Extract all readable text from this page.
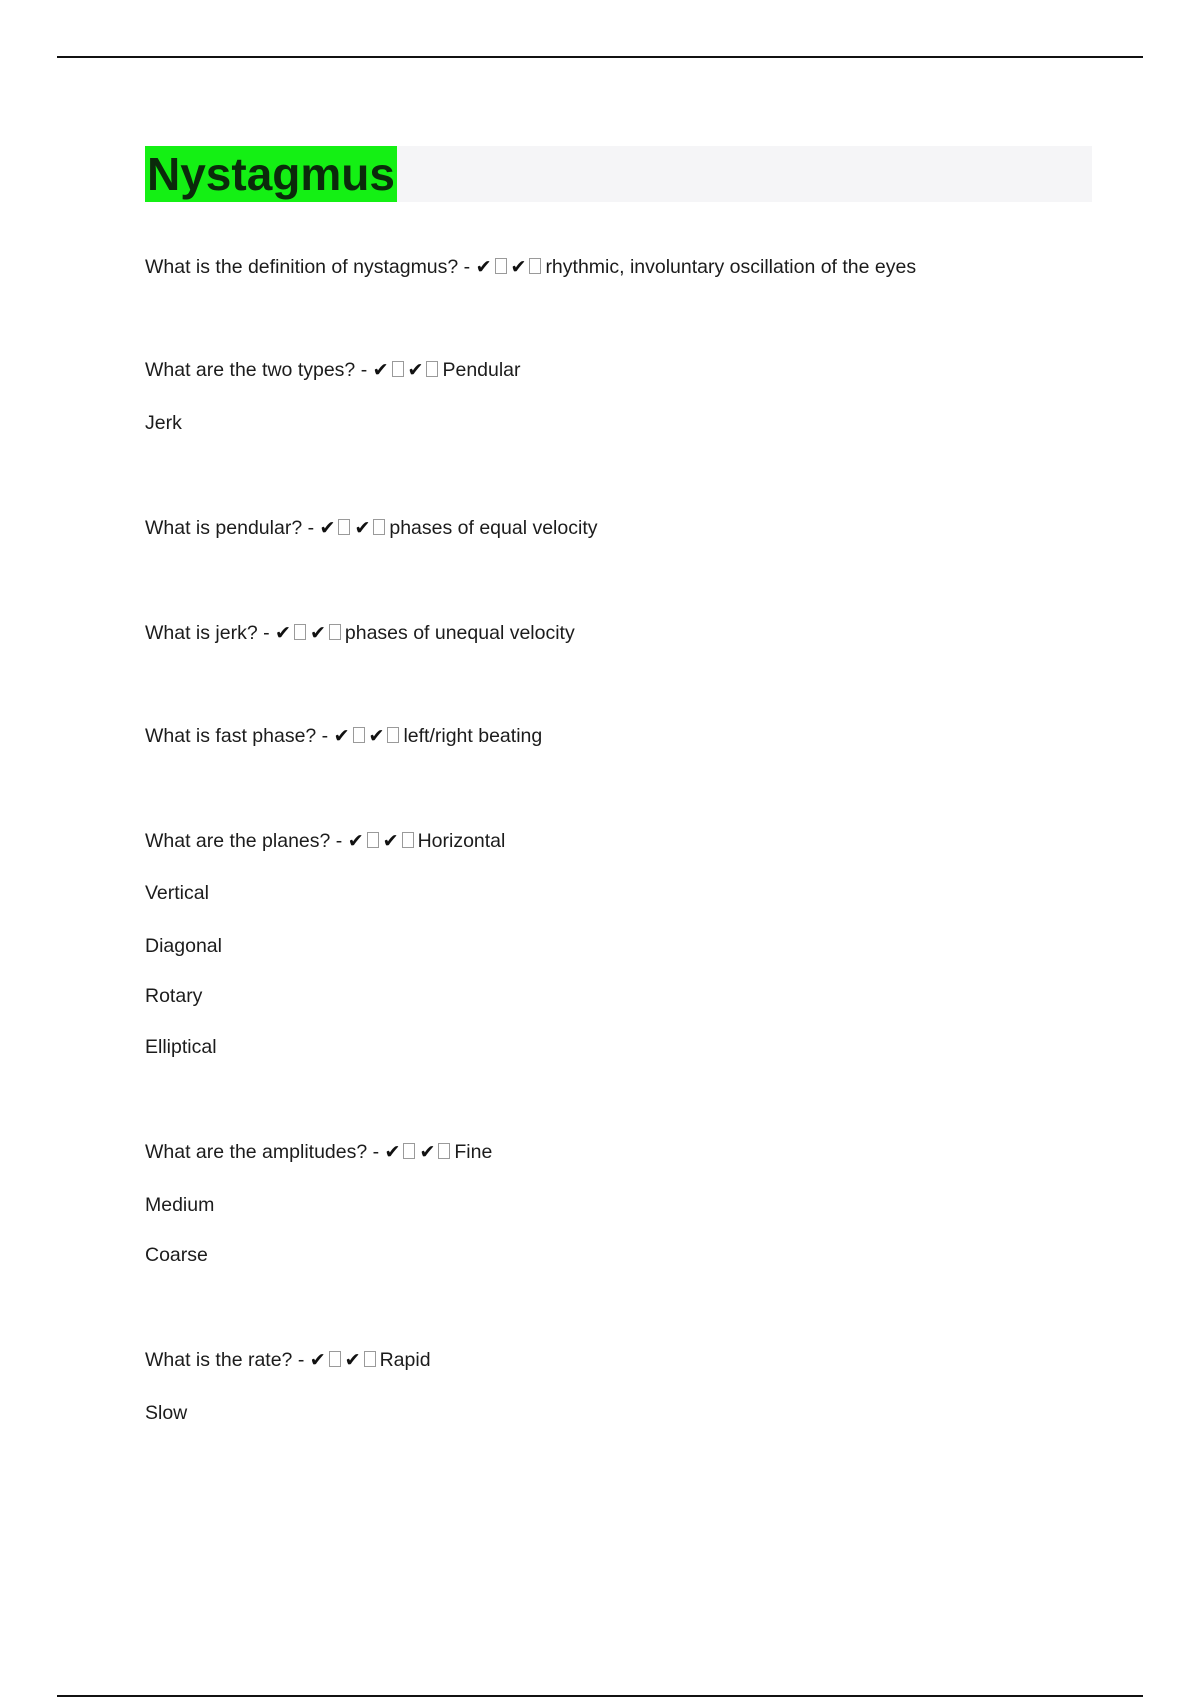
Nystagmus
What is the definition of nystagmus? - ✔ ✔ rhythmic, involuntary oscillation of the eyes
What are the two types? - ✔ ✔ Pendular
Jerk
What is pendular? - ✔ ✔ phases of equal velocity
What is jerk? - ✔ ✔ phases of unequal velocity
What is fast phase? - ✔ ✔ left/right beating
What are the planes? - ✔ ✔ Horizontal
Vertical
Diagonal
Rotary
Elliptical
What are the amplitudes? - ✔ ✔ Fine
Medium
Coarse
What is the rate? - ✔ ✔ Rapid
Slow
